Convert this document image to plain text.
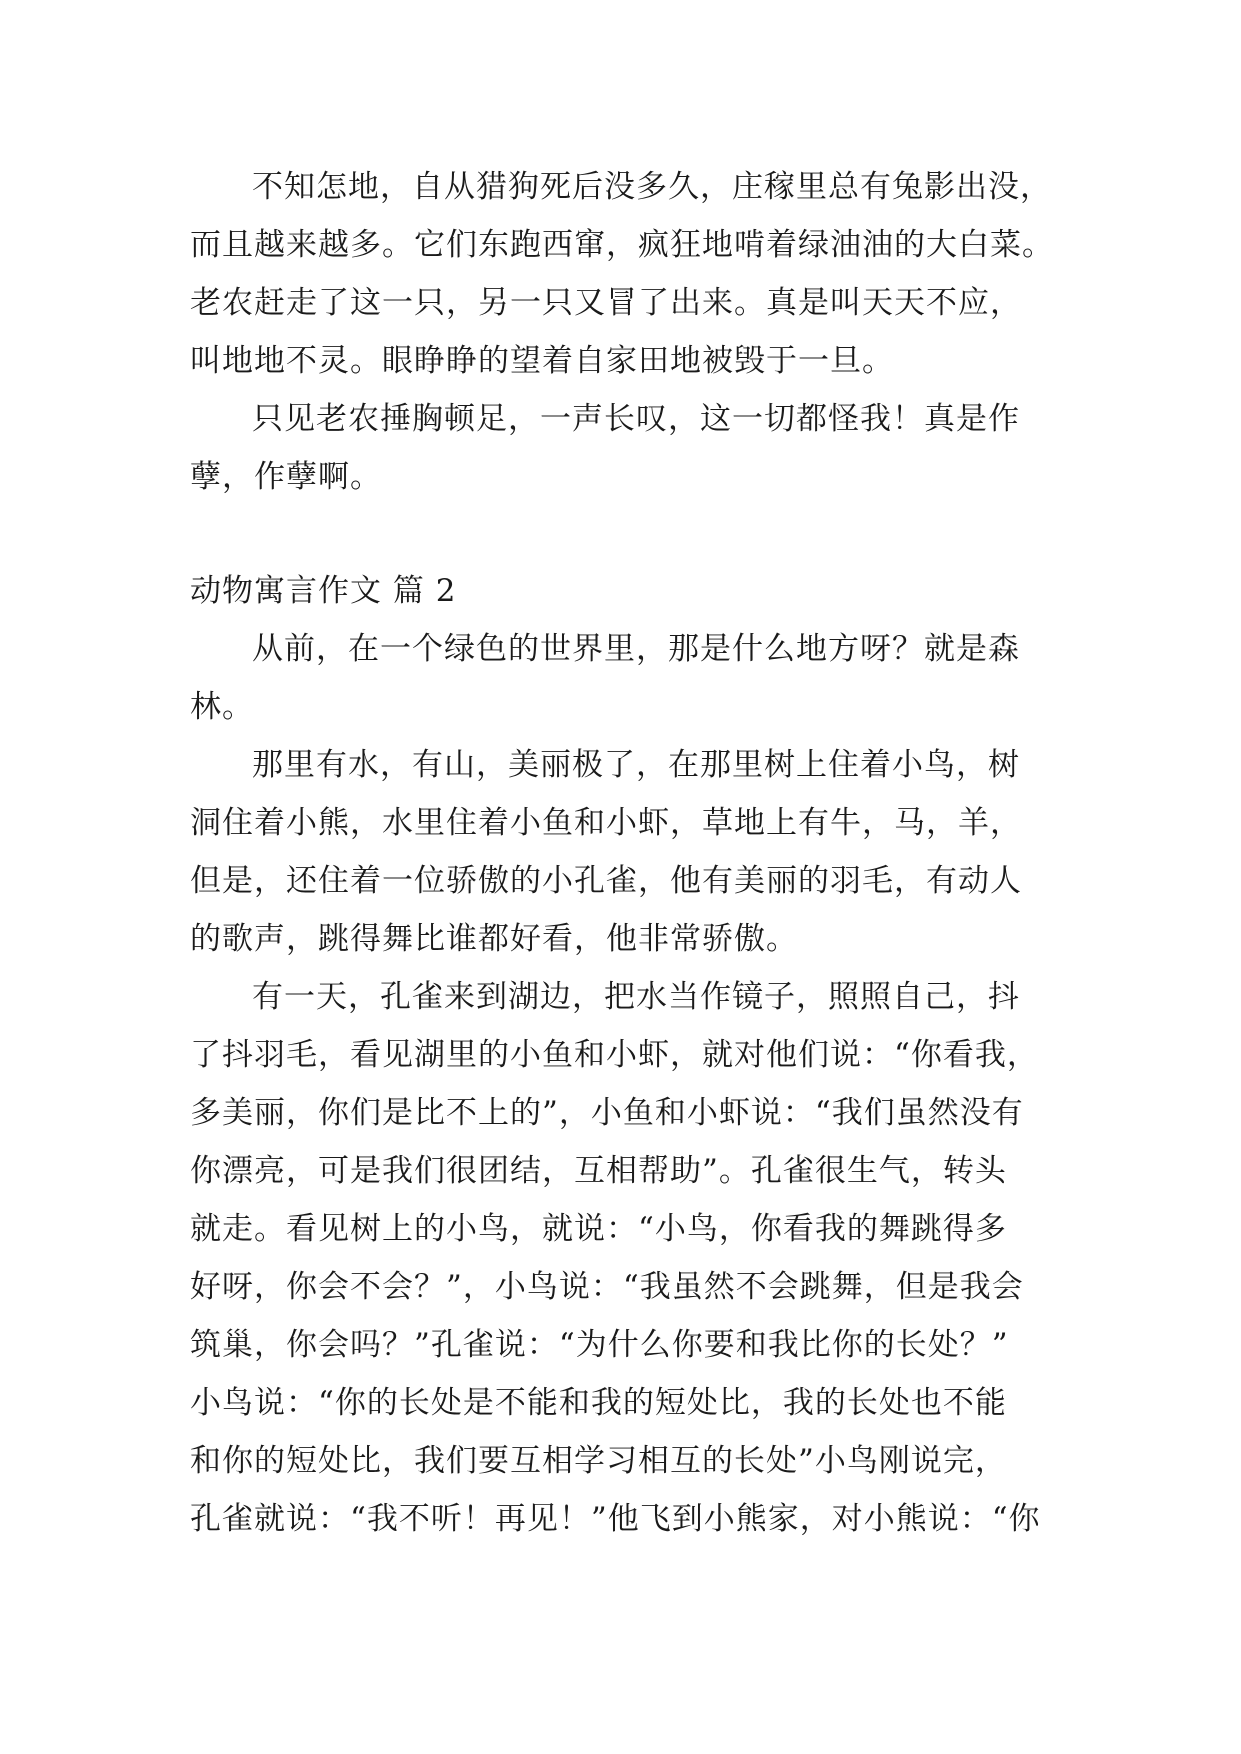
不知怎地，自从猎狗死后没多久，庄稼里总有兔影出没，
而且越来越多。它们东跑西窜，疯狂地啃着绿油油的大白菜。
老农赶走了这一只，另一只又冒了出来。真是叫天天不应，
叫地地不灵。眼睁睁的望着自家田地被毁于一旦。
只见老农捶胸顿足，一声长叹，这一切都怪我！真是作
孽，作孽啊。
动物寓言作文 篇 2
从前，在一个绿色的世界里，那是什么地方呀？就是森
林。
那里有水，有山，美丽极了，在那里树上住着小鸟，树
洞住着小熊，水里住着小鱼和小虾，草地上有牛，马，羊，
但是，还住着一位骄傲的小孔雀，他有美丽的羽毛，有动人
的歌声，跳得舞比谁都好看，他非常骄傲。
有一天，孔雀来到湖边，把水当作镜子，照照自己，抖
了抖羽毛，看见湖里的小鱼和小虾，就对他们说：“你看我，
多美丽，你们是比不上的”，小鱼和小虾说：“我们虽然没有
你漂亮，可是我们很团结，互相帮助”。孔雀很生气，转头
就走。看见树上的小鸟，就说：“小鸟，你看我的舞跳得多
好呀，你会不会？”，小鸟说：“我虽然不会跳舞，但是我会
筑巢，你会吗？”孔雀说：“为什么你要和我比你的长处？”
小鸟说：“你的长处是不能和我的短处比，我的长处也不能
和你的短处比，我们要互相学习相互的长处”小鸟刚说完，
孔雀就说：“我不听！再见！”他飞到小熊家，对小熊说：“你
